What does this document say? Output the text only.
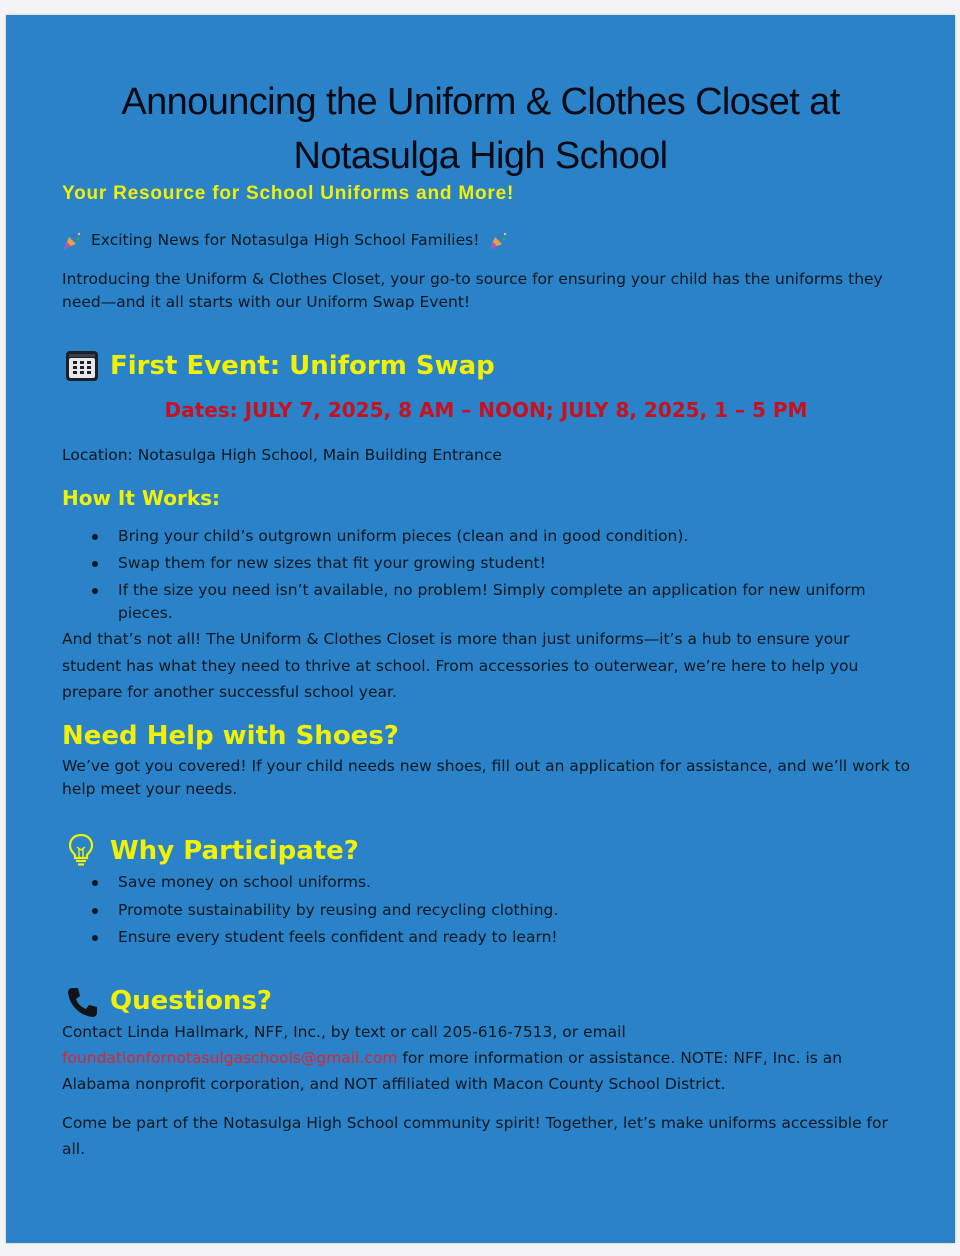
Announcing the Uniform & Clothes Closet at
Notasulga High School
Your Resource for School Uniforms and More!
Exciting News for Notasulga High School Families!

Introducing the Uniform & Clothes Closet, your go-to source for ensuring your child has the uniforms they need—and it all starts with our Uniform Swap Event!

First Event: Uniform Swap
Dates: JULY 7, 2025, 8 AM – NOON; JULY 8, 2025, 1 – 5 PM
Location: Notasulga High School, Main Building Entrance
How It Works:
Bring your child’s outgrown uniform pieces (clean and in good condition).
Swap them for new sizes that fit your growing student!
If the size you need isn’t available, no problem! Simply complete an application for new uniform pieces.

And that’s not all! The Uniform & Clothes Closet is more than just uniforms—it’s a hub to ensure your student has what they need to thrive at school. From accessories to outerwear, we’re here to help you prepare for another successful school year.

Need Help with Shoes?

We’ve got you covered! If your child needs new shoes, fill out an application for assistance, and we’ll work to help meet your needs.

Why Participate?
Save money on school uniforms.
Promote sustainability by reusing and recycling clothing.
Ensure every student feels confident and ready to learn!
Questions?

Contact Linda Hallmark, NFF, Inc., by text or call 205-616-7513, or email
foundationfornotasulgaschools@gmail.com for more information or assistance. NOTE: NFF, Inc. is an Alabama nonprofit corporation, and NOT affiliated with Macon County School District.

Come be part of the Notasulga High School community spirit! Together, let’s make uniforms accessible for all.
